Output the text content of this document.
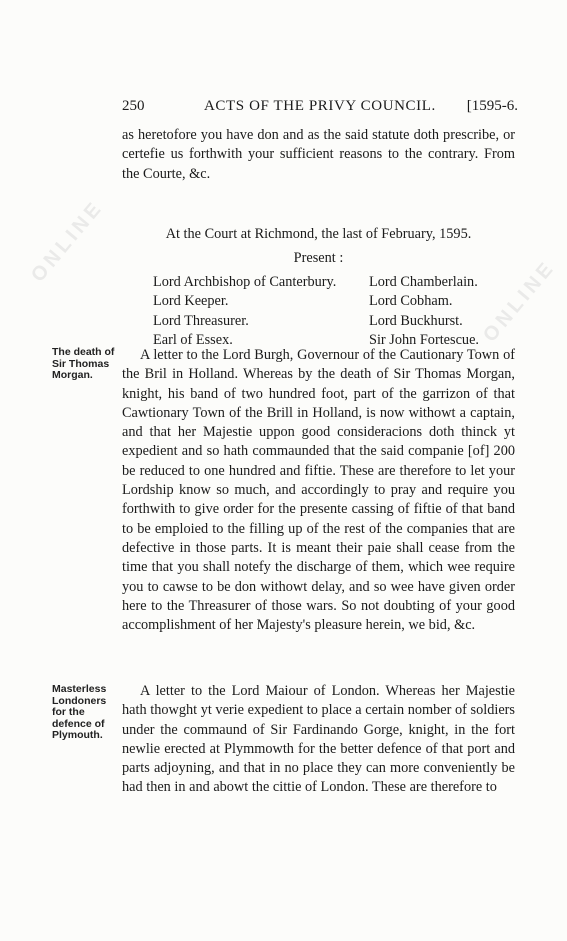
ONLINE
ONLINE
250	ACTS OF THE PRIVY COUNCIL. [1595-6.

as heretofore you have don and as the said statute doth prescribe, or certefie us forthwith your sufficient reasons to the contrary. From the Courte, &c.

At the Court at Richmond, the last of February, 1595.

Present :

Lord Archbishop of Canterbury.	Lord Chamberlain.
Lord Keeper.	Lord Cobham.
Lord Threasurer.	Lord Buckhurst.
Earl of Essex.	Sir John Fortescue.
The death of Sir Thomas Morgan.

A letter to the Lord Burgh, Governour of the Cautionary Town of the Bril in Holland. Whereas by the death of Sir Thomas Morgan, knight, his band of two hundred foot, part of the garrizon of that Cawtionary Town of the Brill in Holland, is now withowt a captain, and that her Majestie uppon good consideracions doth thinck yt expedient and so hath commaunded that the said companie [of] 200 be reduced to one hundred and fiftie. These are therefore to let your Lordship know so much, and accordingly to pray and require you forthwith to give order for the presente cassing of fiftie of that band to be emploied to the filling up of the rest of the companies that are defective in those parts. It is meant their paie shall cease from the time that you shall notefy the discharge of them, which wee require you to cawse to be don withowt delay, and so wee have given order here to the Threasurer of those wars. So not doubting of your good accomplishment of her Majesty's pleasure herein, we bid, &c.

Masterless Londoners for the defence of Plymouth.

A letter to the Lord Maiour of London. Whereas her Majestie hath thowght yt verie expedient to place a certain nomber of soldiers under the commaund of Sir Fardinando Gorge, knight, in the fort newlie erected at Plymmowth for the better defence of that port and parts adjoyning, and that in no place they can more conveniently be had then in and abowt the cittie of London. These are therefore to
